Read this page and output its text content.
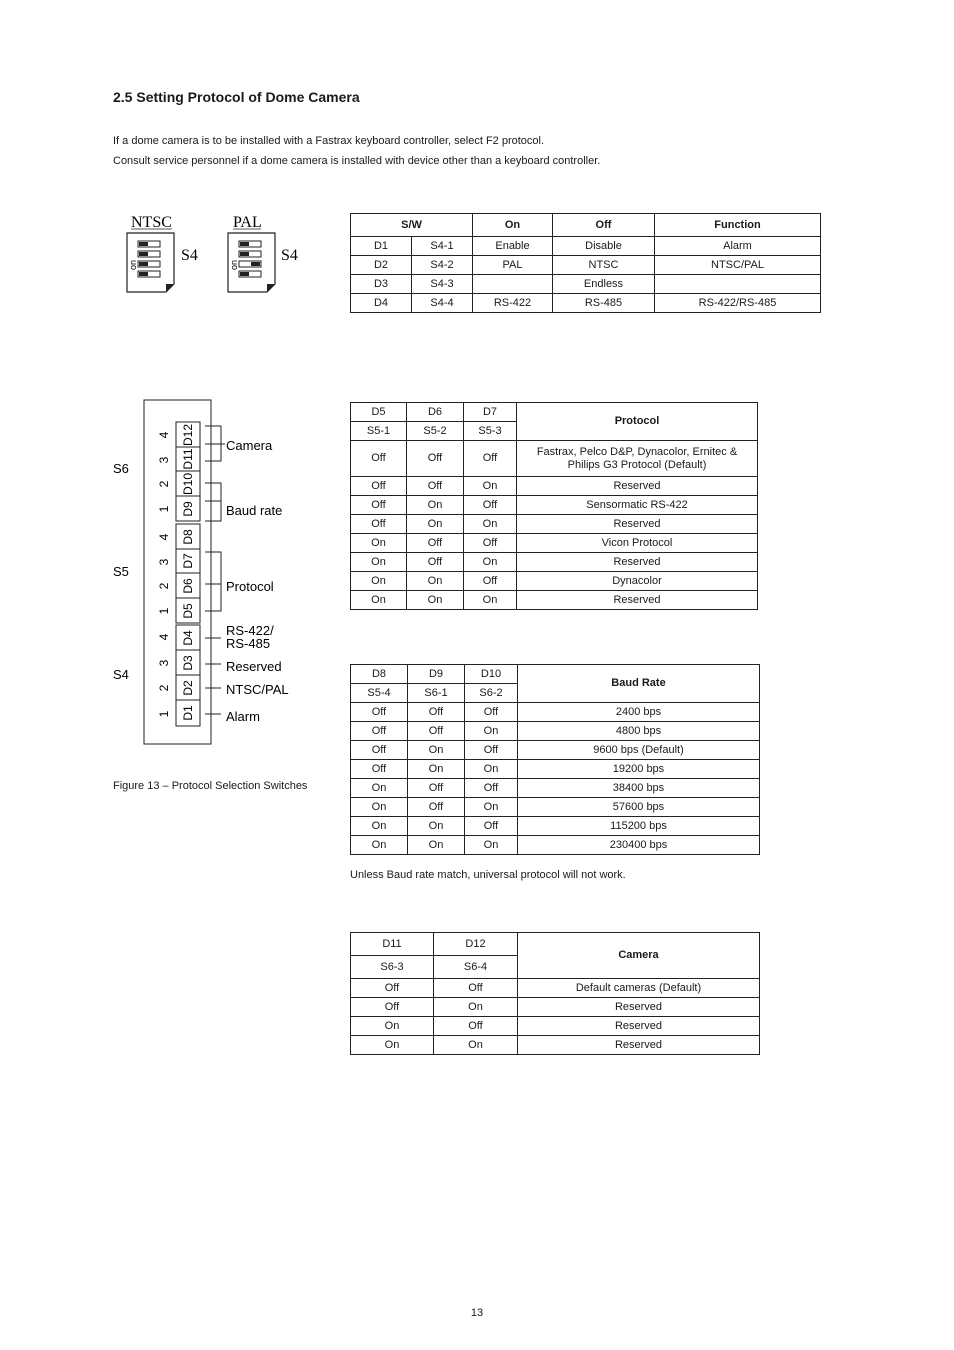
2.5 Setting Protocol of Dome Camera
If a dome camera is to be installed with a Fastrax keyboard controller, select F2 protocol.
Consult service personnel if a dome camera is installed with device other than a keyboard controller.
NTSC
on
S4
PAL
on
S4
S/W		On	Off	Function
D1	S4-1	Enable	Disable	Alarm
D2	S4-2	PAL	NTSC	NTSC/PAL
D3	S4-3		Endless	
D4	S4-4	RS-422	RS-485	RS-422/RS-485
S6
S5
S4
4
3
2
1
4
3
2
1
4
3
2
1
D12
D11
D10
D9
D8
D7
D6
D5
D4
D3
D2
D1
Camera
Baud rate
Protocol
RS-422/
RS-485
Reserved
NTSC/PAL
Alarm
Figure 13 – Protocol Selection Switches
D5	D6	D7	Protocol
S5-1	S5-2	S5-3	
Off	Off	Off	Fastrax, Pelco D&P, Dynacolor, Ernitec &
Philips G3 Protocol (Default)

Off	Off	On	Reserved
Off	On	Off	Sensormatic RS-422
Off	On	On	Reserved
On	Off	Off	Vicon Protocol
On	Off	On	Reserved
On	On	Off	Dynacolor
On	On	On	Reserved
D8	D9	D10	Baud Rate
S5-4	S6-1	S6-2	
Off	Off	Off	2400 bps
Off	Off	On	4800 bps
Off	On	Off	9600 bps (Default)
Off	On	On	19200 bps
On	Off	Off	38400 bps
On	Off	On	57600 bps
On	On	Off	115200 bps
On	On	On	230400 bps
Unless Baud rate match, universal protocol will not work.
D11	D12	Camera
S6-3	S6-4	
Off	Off	Default cameras (Default)
Off	On	Reserved
On	Off	Reserved
On	On	Reserved
13
